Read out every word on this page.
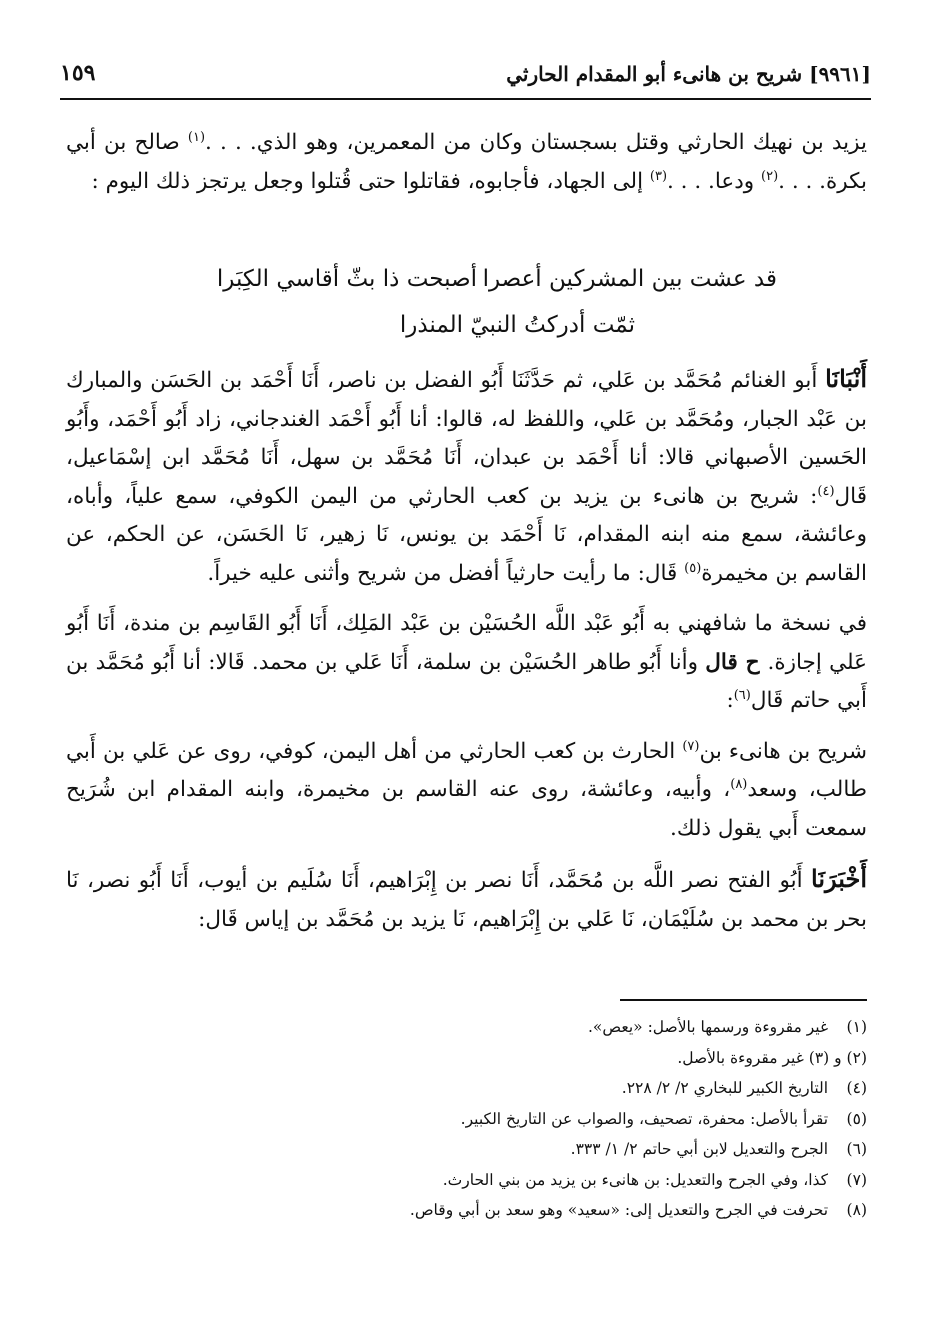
١٥٩	[٩٩٦١] شريح بن هانىء أبو المقدام الحارثي

يزيد بن نهيك الحارثي وقتل بسجستان وكان من المعمرين، وهو الذي. . . .$^{(١)}$ صالح بن أبي بكرة. . . .$^{(٢)}$ ودعا. . . .$^{(٣)}$ إلى الجهاد، فأجابوه، فقاتلوا حتى قُتلوا وجعل يرتجز ذلك اليوم :

قد عشت بين المشركين أعصرا
أصبحت ذا بثّ أقاسي الكِبَرا
ثمّت أدركتُ النبيّ المنذرا

أَنْبَانَا أَبو الغنائم مُحَمَّد بن عَلي، ثم حَدَّثَنَا أَبُو الفضل بن ناصر، أَنَا أَحْمَد بن الحَسَن والمبارك بن عَبْد الجبار، ومُحَمَّد بن عَلي، واللفظ له، قالوا: أنا أَبُو أَحْمَد الغندجاني، زاد أَبُو أَحْمَد، وأَبُو الحَسين الأصبهاني قالا: أنا أَحْمَد بن عبدان، أَنَا مُحَمَّد بن سهل، أَنَا مُحَمَّد ابن إسْمَاعيل، قَال$^{(٤)}$: شريح بن هانىء بن يزيد بن كعب الحارثي من اليمن الكوفي، سمع علياً، وأباه، وعائشة، سمع منه ابنه المقدام، نَا أَحْمَد بن يونس، نَا زهير، نَا الحَسَن، عن الحكم، عن القاسم بن مخيمرة$^{(٥)}$ قَال: ما رأيت حارثياً أفضل من شريح وأثنى عليه خيراً.

في نسخة ما شافهني به أَبُو عَبْد اللَّه الحُسَيْن بن عَبْد المَلِك، أَنَا أَبُو القَاسِم بن مندة، أَنَا أَبُو عَلي إجازة. ح قال وأنا أَبُو طاهر الحُسَيْن بن سلمة، أَنَا عَلي بن محمد. قَالا: أنا أَبُو مُحَمَّد بن أَبي حاتم قَال$^{(٦)}$:

شريح بن هانىء بن$^{(٧)}$ الحارث بن كعب الحارثي من أهل اليمن، كوفي، روى عن عَلي بن أَبي طالب، وسعد$^{(٨)}$، وأبيه، وعائشة، روى عنه القاسم بن مخيمرة، وابنه المقدام ابن شُرَيح سمعت أَبي يقول ذلك.

أَخْبَرَنَا أَبُو الفتح نصر اللَّه بن مُحَمَّد، أَنَا نصر بن إِبْرَاهيم، أَنَا سُلَيم بن أيوب، أَنَا أَبُو نصر، نَا بحر بن محمد بن سُلَيْمَان، نَا عَلي بن إِبْرَاهيم، نَا يزيد بن مُحَمَّد بن إياس قَال:

(١) غير مقروءة ورسمها بالأصل: «يعص».
(٢) و (٣) غير مقروءة بالأصل.
(٤) التاريخ الكبير للبخاري ٢/ ٢/ ٢٢٨.
(٥) تقرأ بالأصل: محفرة، تصحيف، والصواب عن التاريخ الكبير.
(٦) الجرح والتعديل لابن أبي حاتم ٢/ ١/ ٣٣٣.
(٧) كذا، وفي الجرح والتعديل: بن هانىء بن يزيد من بني الحارث.
(٨) تحرفت في الجرح والتعديل إلى: «سعيد» وهو سعد بن أبي وقاص.
